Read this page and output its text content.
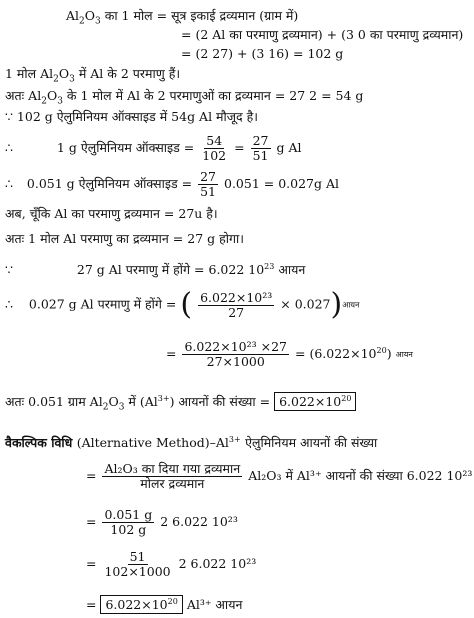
$Al_2O_3$ का 1 मोल = सूत्र इकाई द्रव्यमान (ग्राम में)
= (2 Al का परमाणु द्रव्यमान) + (3 0 का परमाणु द्रव्यमान)
= (2 27) + (3 16) = 102 g
1 मोल $Al_2O_3$ में Al के 2 परमाणु हैं।
अतः $Al_2O_3$ के 1 मोल में Al के 2 परमाणुओं का द्रव्यमान = 27 2 = 54 g
∵ 102 g ऐलुमिनियम ऑक्साइड में 54g Al मौजूद है।
∴	1 g ऐलुमिनियम ऑक्साइड = $\frac{54}{102} = \frac{27}{51}$ g Al
∴ 0.051 g ऐलुमिनियम ऑक्साइड = $\frac{27}{51} 0.051 = 0.027g$ Al
अब, चूँकि Al का परमाणु द्रव्यमान = 27u है।
अतः 1 मोल Al परमाणु का द्रव्यमान = 27 g होगा।
∵	27 g Al परमाणु में होंगे = 6.022 $10^{23}$ आयन
∴ 0.027 g Al परमाणु में होंगे = ( $\frac{\text{6.022×10²³}}{27}$ × 0.027)आयन
= $\frac{\text{6.022×10²³ ×27}}{27\times 1000} = (6.022\times 10^{20})$ आयन
अतः 0.051 ग्राम $Al_2O_3$ में $(Al^{3+})$ आयनों की संख्या = $6.022\times 10^{20}$
वैकल्पिक विधि (Alternative $Method)-Al^{3+}$ ऐलुमिनियम आयनों की संख्या
= $\frac{\text{Al₂O₃ का दिया गया द्रव्यमान}}{\text{मोलर द्रव्यमान}} Al_2O_3$ में Al³⁺ आयनों की संख्या 6.022 10²³
= $\frac{0.051 g}{102 g} 2$ 6.022 10²³
= $\frac{51}{102\times 1000} 2$ 6.022 10²³
= $6.022\times 10^{20}$ Al³⁺ आयन
